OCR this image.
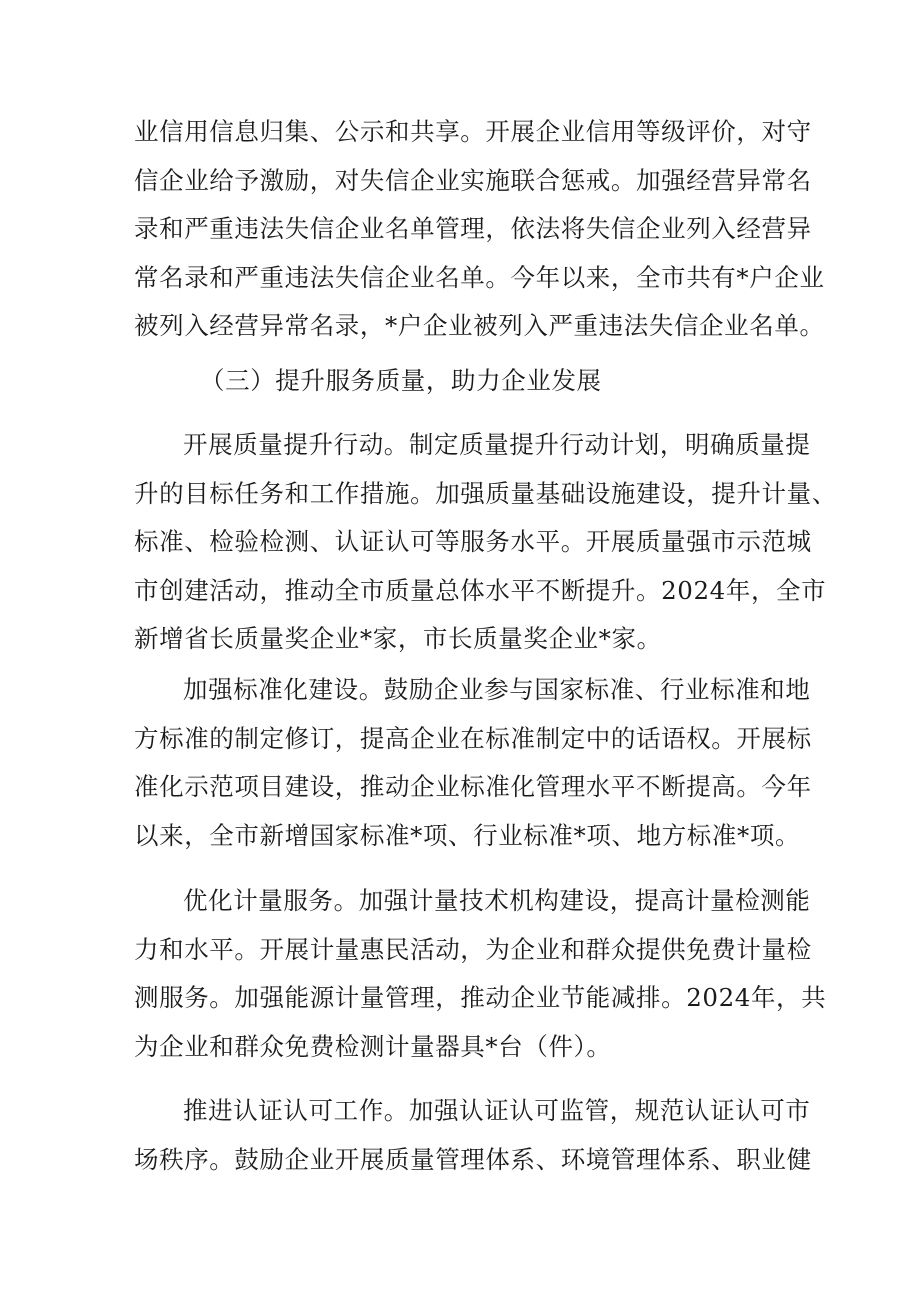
业信用信息归集、公示和共享。开展企业信用等级评价，对守
信企业给予激励，对失信企业实施联合惩戒。加强经营异常名
录和严重违法失信企业名单管理，依法将失信企业列入经营异
常名录和严重违法失信企业名单。今年以来，全市共有*户企业
被列入经营异常名录，*户企业被列入严重违法失信企业名单。
（三）提升服务质量，助力企业发展
开展质量提升行动。制定质量提升行动计划，明确质量提
升的目标任务和工作措施。加强质量基础设施建设，提升计量、
标准、检验检测、认证认可等服务水平。开展质量强市示范城
市创建活动，推动全市质量总体水平不断提升。2024年，全市
新增省长质量奖企业*家，市长质量奖企业*家。
加强标准化建设。鼓励企业参与国家标准、行业标准和地
方标准的制定修订，提高企业在标准制定中的话语权。开展标
准化示范项目建设，推动企业标准化管理水平不断提高。今年
以来，全市新增国家标准*项、行业标准*项、地方标准*项。
优化计量服务。加强计量技术机构建设，提高计量检测能
力和水平。开展计量惠民活动，为企业和群众提供免费计量检
测服务。加强能源计量管理，推动企业节能减排。2024年，共
为企业和群众免费检测计量器具*台（件）。
推进认证认可工作。加强认证认可监管，规范认证认可市
场秩序。鼓励企业开展质量管理体系、环境管理体系、职业健
